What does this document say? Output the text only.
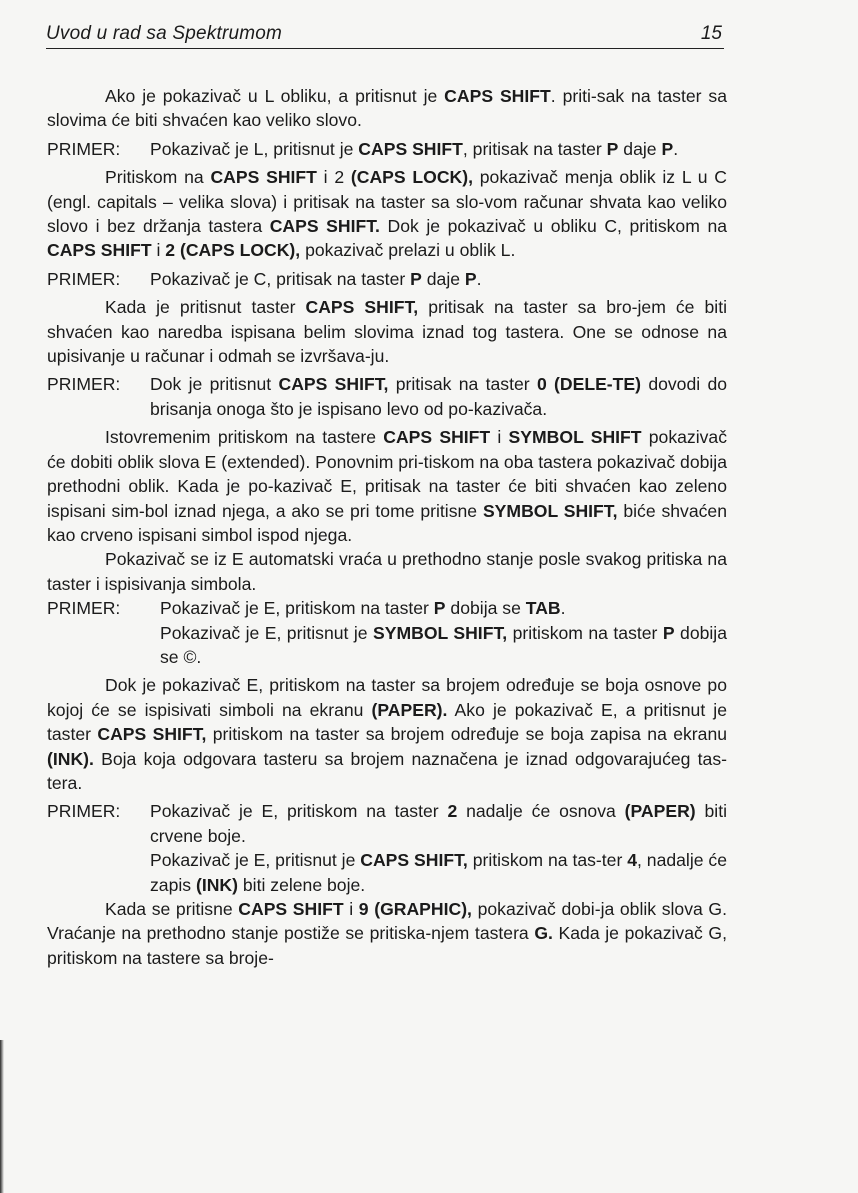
Uvod u rad sa Spektrumom	15

Ako je pokazivač u L obliku, a pritisnut je CAPS SHIFT. priti-sak na taster sa slovima će biti shvaćen kao veliko slovo.

PRIMER:	Pokazivač je L, pritisnut je CAPS SHIFT, pritisak na taster P daje P.

Pritiskom na CAPS SHIFT i 2 (CAPS LOCK), pokazivač menja oblik iz L u C (engl. capitals – velika slova) i pritisak na taster sa slo-vom računar shvata kao veliko slovo i bez držanja tastera CAPS SHIFT. Dok je pokazivač u obliku C, pritiskom na CAPS SHIFT i 2 (CAPS LOCK), pokazivač prelazi u oblik L.

PRIMER:	Pokazivač je C, pritisak na taster P daje P.

Kada je pritisnut taster CAPS SHIFT, pritisak na taster sa bro-jem će biti shvaćen kao naredba ispisana belim slovima iznad tog tastera. One se odnose na upisivanje u računar i odmah se izvršava-ju.

PRIMER:	Dok je pritisnut CAPS SHIFT, pritisak na taster 0 (DELE-TE) dovodi do brisanja onoga što je ispisano levo od po-kazivača.

Istovremenim pritiskom na tastere CAPS SHIFT i SYMBOL SHIFT pokazivač će dobiti oblik slova E (extended). Ponovnim pri-tiskom na oba tastera pokazivač dobija prethodni oblik. Kada je po-kazivač E, pritisak na taster će biti shvaćen kao zeleno ispisani sim-bol iznad njega, a ako se pri tome pritisne SYMBOL SHIFT, biće shvaćen kao crveno ispisani simbol ispod njega.

Pokazivač se iz E automatski vraća u prethodno stanje posle svakog pritiska na taster i ispisivanja simbola.

PRIMER:	Pokazivač je E, pritiskom na taster P dobija se TAB.

Pokazivač je E, pritisnut je SYMBOL SHIFT, pritiskom na taster P dobija se ©.

Dok je pokazivač E, pritiskom na taster sa brojem određuje se boja osnove po kojoj će se ispisivati simboli na ekranu (PAPER). Ako je pokazivač E, a pritisnut je taster CAPS SHIFT, pritiskom na taster sa brojem određuje se boja zapisa na ekranu (INK). Boja koja odgovara tasteru sa brojem naznačena je iznad odgovarajućeg tas-tera.

PRIMER:	Pokazivač je E, pritiskom na taster 2 nadalje će osnova (PAPER) biti crvene boje.

Pokazivač je E, pritisnut je CAPS SHIFT, pritiskom na tas-ter 4, nadalje će zapis (INK) biti zelene boje.

Kada se pritisne CAPS SHIFT i 9 (GRAPHIC), pokazivač dobi-ja oblik slova G. Vraćanje na prethodno stanje postiže se pritiska-njem tastera G. Kada je pokazivač G, pritiskom na tastere sa broje-
